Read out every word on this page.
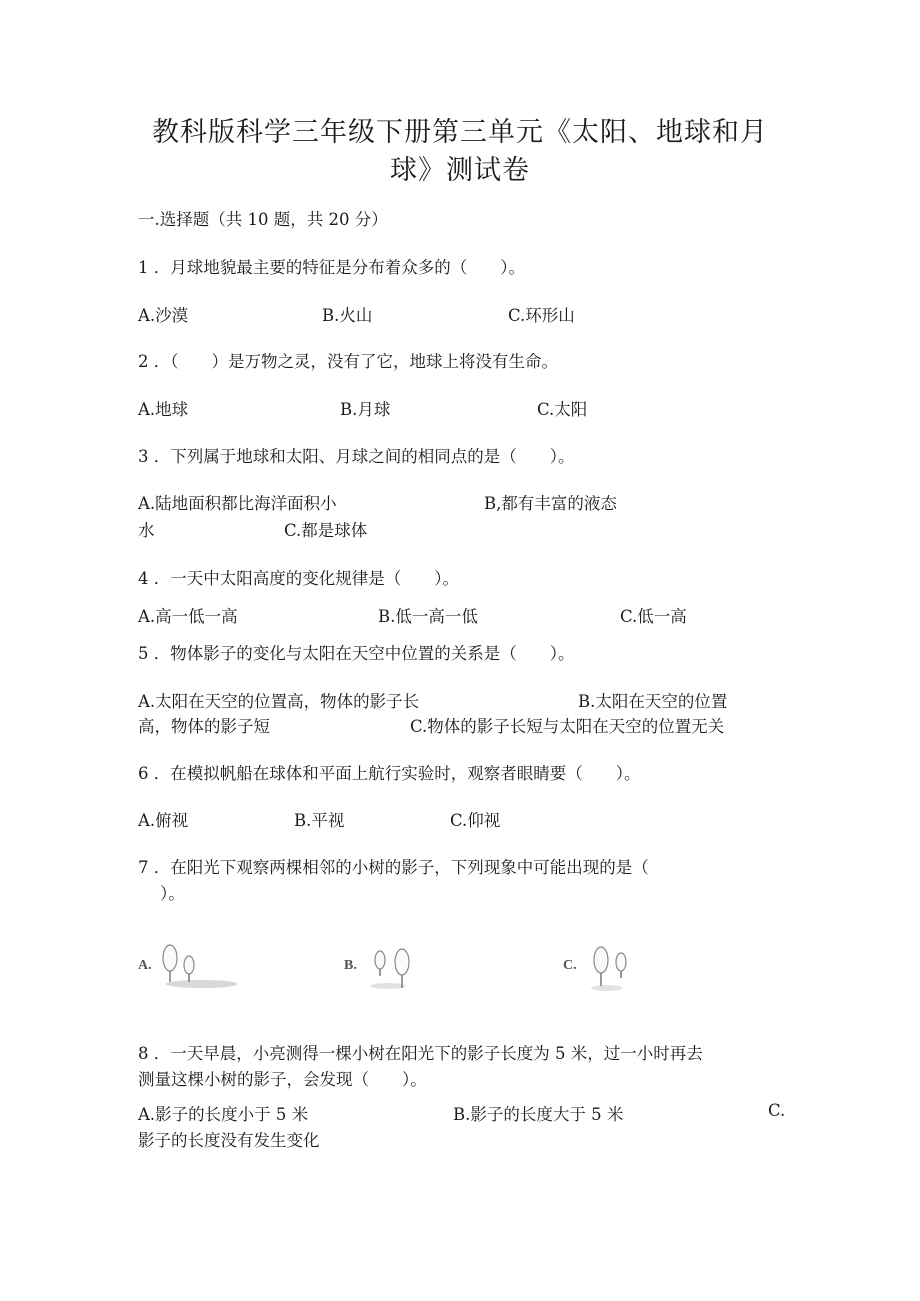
教科版科学三年级下册第三单元《太阳、地球和月
球》测试卷
一.选择题（共 10 题，共 20 分）
1 ．月球地貌最主要的特征是分布着众多的（　　）。
A.沙漠	B.火山	C.环形山
2 ．（　　）是万物之灵，没有了它，地球上将没有生命。
A.地球	B.月球	C.太阳
3 ．下列属于地球和太阳、月球之间的相同点的是（　　）。
A.陆地面积都比海洋面积小	B,都有丰富的液态
水	C.都是球体
4 ．一天中太阳高度的变化规律是（　　）。
A.高一低一高	B.低一高一低	C.低一高
5 ．物体影子的变化与太阳在天空中位置的关系是（　　）。
A.太阳在天空的位置高，物体的影子长	B.太阳在天空的位置
高，物体的影子短	C.物体的影子长短与太阳在天空的位置无关
6 ．在模拟帆船在球体和平面上航行实验时，观察者眼睛要（　　）。
A.俯视	B.平视	C.仰视
7 ．在阳光下观察两棵相邻的小树的影子，下列现象中可能出现的是（
）。
A.	B.	C.
8 ．一天早晨，小亮测得一棵小树在阳光下的影子长度为 5 米，过一小时再去
测量这棵小树的影子，会发现（　　）。
A.影子的长度小于 5 米	B.影子的长度大于 5 米	C.
影子的长度没有发生变化
